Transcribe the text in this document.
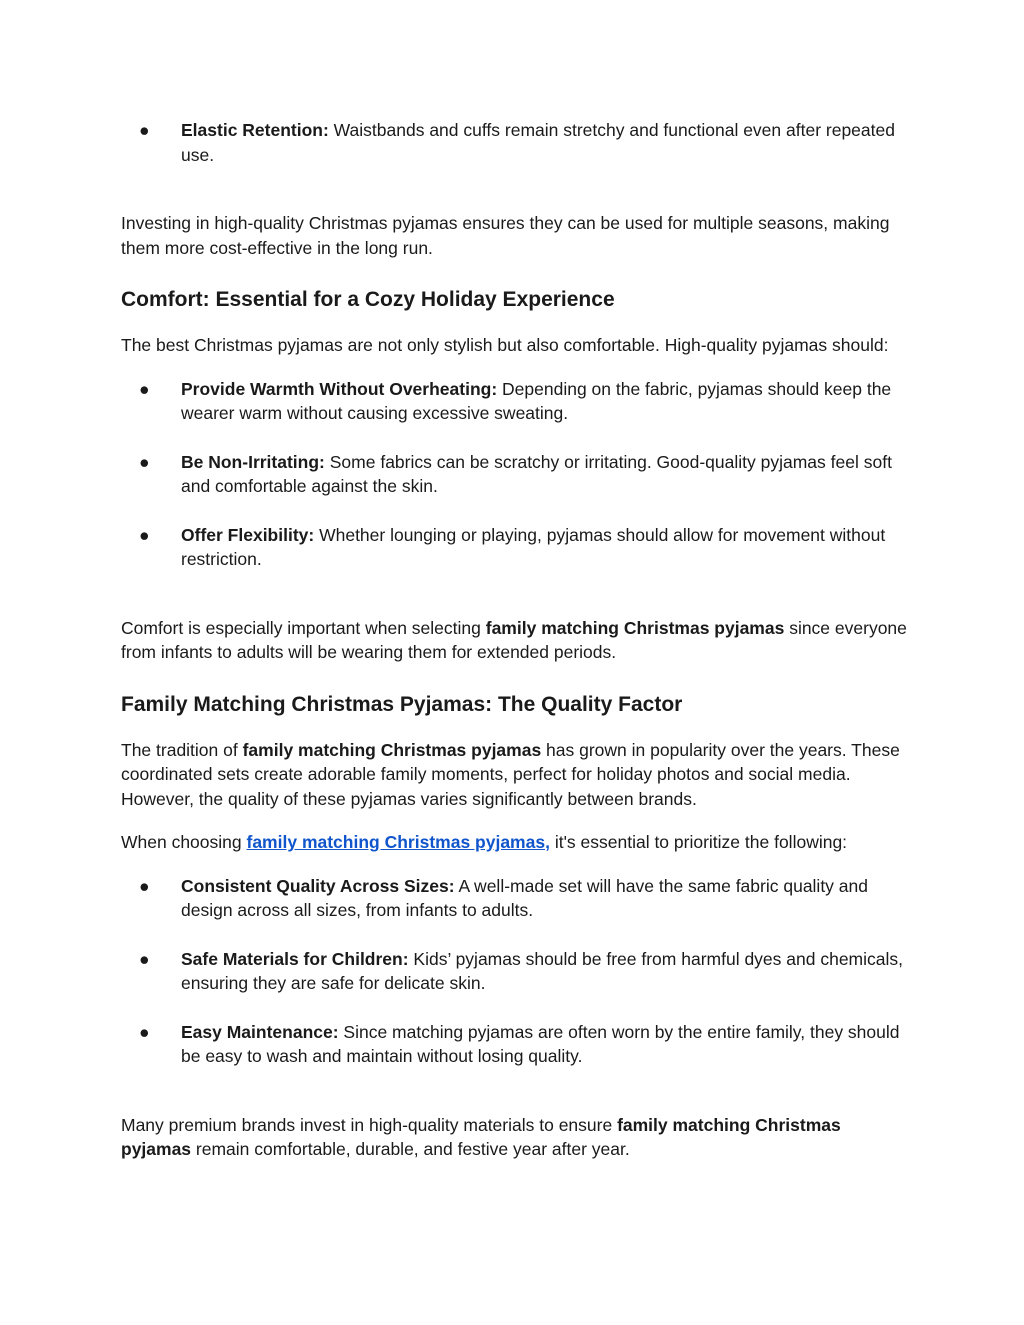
● Elastic Retention: Waistbands and cuffs remain stretchy and functional even after repeated use.

Investing in high-quality Christmas pyjamas ensures they can be used for multiple seasons, making them more cost-effective in the long run.

Comfort: Essential for a Cozy Holiday Experience

The best Christmas pyjamas are not only stylish but also comfortable. High-quality pyjamas should:

● Provide Warmth Without Overheating: Depending on the fabric, pyjamas should keep the wearer warm without causing excessive sweating.
● Be Non-Irritating: Some fabrics can be scratchy or irritating. Good-quality pyjamas feel soft and comfortable against the skin.
● Offer Flexibility: Whether lounging or playing, pyjamas should allow for movement without restriction.

Comfort is especially important when selecting family matching Christmas pyjamas since everyone from infants to adults will be wearing them for extended periods.

Family Matching Christmas Pyjamas: The Quality Factor

The tradition of family matching Christmas pyjamas has grown in popularity over the years. These coordinated sets create adorable family moments, perfect for holiday photos and social media. However, the quality of these pyjamas varies significantly between brands.

When choosing family matching Christmas pyjamas, it's essential to prioritize the following:

● Consistent Quality Across Sizes: A well-made set will have the same fabric quality and design across all sizes, from infants to adults.
● Safe Materials for Children: Kids’ pyjamas should be free from harmful dyes and chemicals, ensuring they are safe for delicate skin.
● Easy Maintenance: Since matching pyjamas are often worn by the entire family, they should be easy to wash and maintain without losing quality.

Many premium brands invest in high-quality materials to ensure family matching Christmas pyjamas remain comfortable, durable, and festive year after year.
